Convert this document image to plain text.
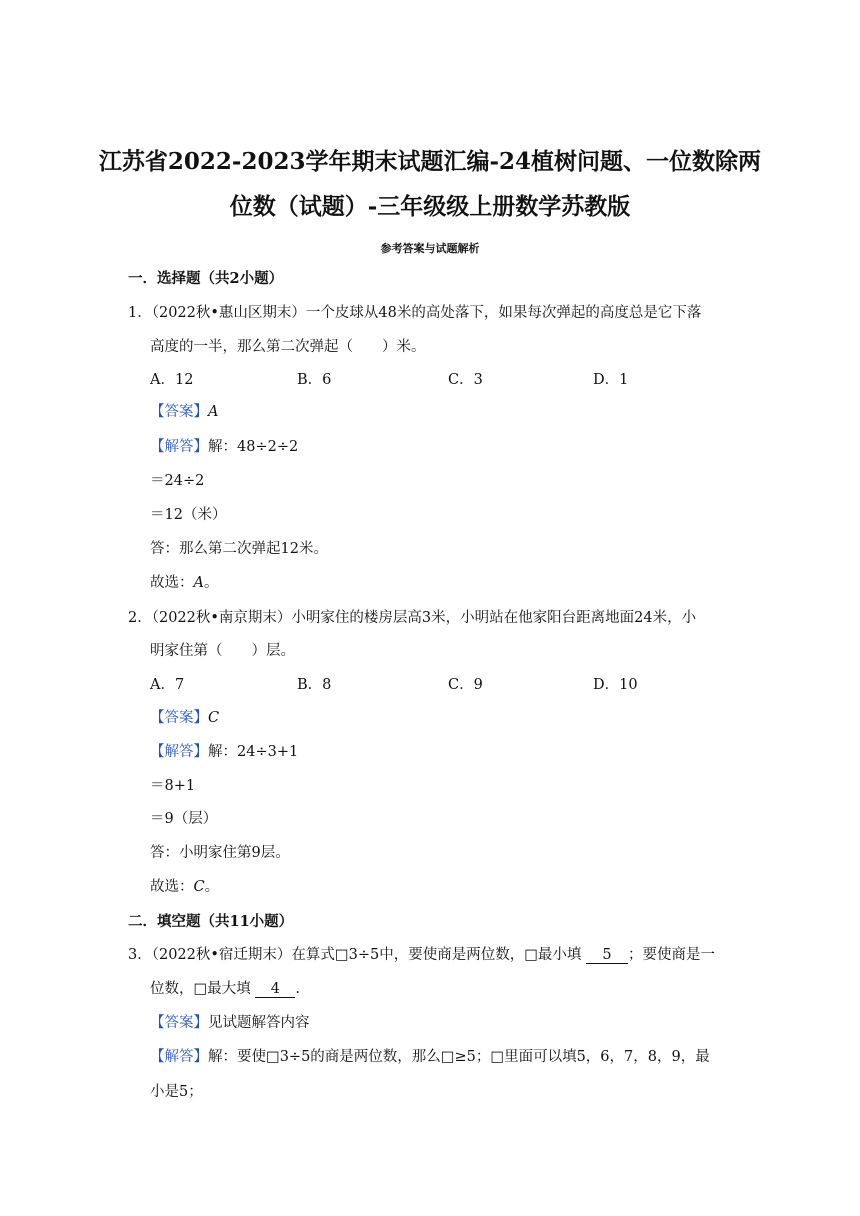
江苏省2022-2023学年期末试题汇编-24植树问题、一位数除两
位数（试题）-三年级级上册数学苏教版
参考答案与试题解析
一．选择题（共2小题）
1．（2022秋•惠山区期末）一个皮球从48米的高处落下，如果每次弹起的高度总是它下落
高度的一半，那么第二次弹起（　　）米。
A．12	B．6	C．3	D．1
【答案】A
【解答】解：48÷2÷2
＝24÷2
＝12（米）
答：那么第二次弹起12米。
故选：A。
2．（2022秋•南京期末）小明家住的楼房层高3米，小明站在他家阳台距离地面24米，小
明家住第（　　）层。
A．7	B．8	C．9	D．10
【答案】C
【解答】解：24÷3+1
＝8+1
＝9（层）
答：小明家住第9层。
故选：C。
二．填空题（共11小题）
3．（2022秋•宿迁期末）在算式□3÷5中，要使商是两位数，□最小填 5 ；要使商是一
位数，□最大填 4 .
【答案】见试题解答内容
【解答】解：要使□3÷5的商是两位数，那么□≥5；□里面可以填5，6，7，8，9，最
小是5；
